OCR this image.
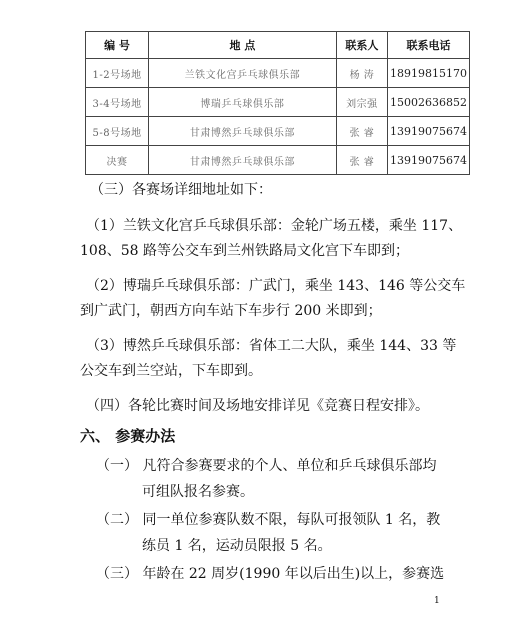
编 号	地 点	联系人	联系电话
1-2号场地	兰铁文化宫乒乓球俱乐部	杨 涛	18919815170
3-4号场地	博瑞乒乓球俱乐部	刘宗强	15002636852
5-8号场地	甘肃博然乒乓球俱乐部	张 睿	13919075674
决赛	甘肃博然乒乓球俱乐部	张 睿	13919075674
（三）各赛场详细地址如下：
（1）兰铁文化宫乒乓球俱乐部：金轮广场五楼，乘坐 117、
108、58 路等公交车到兰州铁路局文化宫下车即到；
（2）博瑞乒乓球俱乐部：广武门，乘坐 143、146 等公交车
到广武门，朝西方向车站下车步行 200 米即到；
（3）博然乒乓球俱乐部：省体工二大队，乘坐 144、33 等
公交车到兰空站，下车即到。
（四）各轮比赛时间及场地安排详见《竞赛日程安排》。
六、 参赛办法
（一） 凡符合参赛要求的个人、单位和乒乓球俱乐部均
可组队报名参赛。
（二） 同一单位参赛队数不限，每队可报领队 1 名，教
练员 1 名，运动员限报 5 名。
（三） 年龄在 22 周岁(1990 年以后出生)以上，参赛选
1
